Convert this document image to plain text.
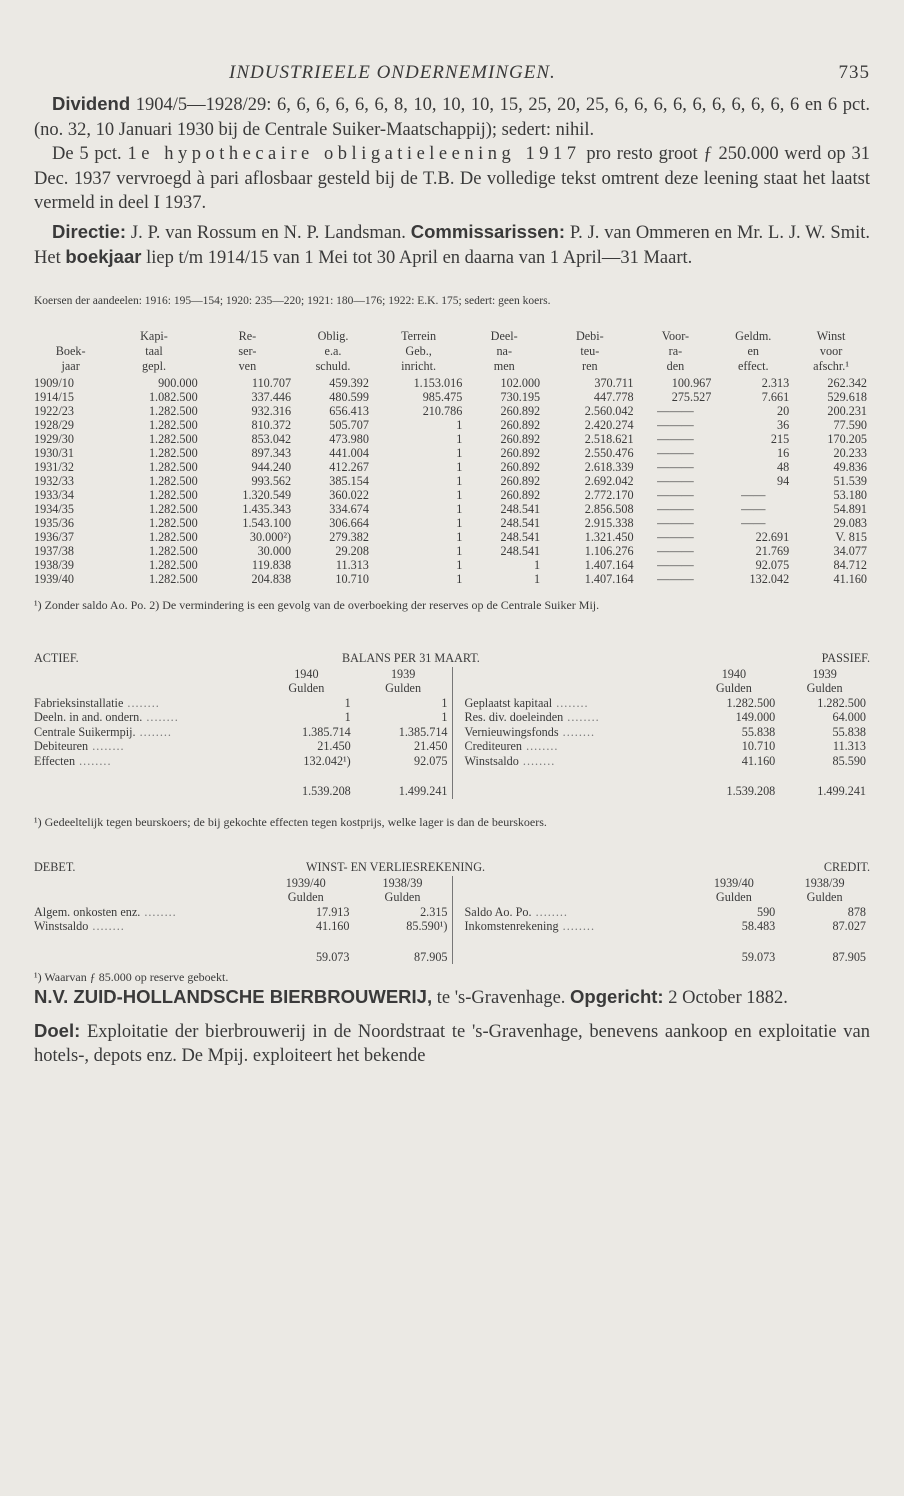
INDUSTRIEELE ONDERNEMINGEN.	735

Dividend 1904/5—1928/29: 6, 6, 6, 6, 6, 6, 8, 10, 10, 10, 15, 25, 20, 25, 6, 6, 6, 6, 6, 6, 6, 6, 6, 6 en 6 pct. (no. 32, 10 Januari 1930 bij de Centrale Suiker-Maatschappij); sedert: nihil.

De 5 pct. 1e hypothecaire obligatieleening 1917 pro resto groot ƒ 250.000 werd op 31 Dec. 1937 vervroegd à pari aflosbaar gesteld bij de T.B. De volledige tekst omtrent deze leening staat het laatst vermeld in deel I 1937.

Directie: J. P. van Rossum en N. P. Landsman. Commissarissen: P. J. van Ommeren en Mr. L. J. W. Smit. Het boekjaar liep t/m 1914/15 van 1 Mei tot 30 April en daarna van 1 April—31 Maart.

Koersen der aandeelen: 1916: 195—154; 1920: 235—220; 1921: 180—176; 1922: E.K. 175; sedert: geen koers.
	Kapi-	Re-	Oblig.	Terrein	Deel-	Debi-	Voor-	Geldm.	Winst
Boek-	taal	ser-	e.a.	Geb.,	na-	teu-	ra-	en	voor
jaar	gepl.	ven	schuld.	inricht.	men	ren	den	effect.	afschr.¹
1909/10	900.000	110.707	459.392	1.153.016	102.000	370.711	100.967	2.313	262.342
1914/15	1.082.500	337.446	480.599	985.475	730.195	447.778	275.527	7.661	529.618
1922/23	1.282.500	932.316	656.413	210.786	260.892	2.560.042	———	20	200.231
1928/29	1.282.500	810.372	505.707	1	260.892	2.420.274	———	36	77.590
1929/30	1.282.500	853.042	473.980	1	260.892	2.518.621	———	215	170.205
1930/31	1.282.500	897.343	441.004	1	260.892	2.550.476	———	16	20.233
1931/32	1.282.500	944.240	412.267	1	260.892	2.618.339	———	48	49.836
1932/33	1.282.500	993.562	385.154	1	260.892	2.692.042	———	94	51.539
1933/34	1.282.500	1.320.549	360.022	1	260.892	2.772.170	———	——	53.180
1934/35	1.282.500	1.435.343	334.674	1	248.541	2.856.508	———	——	54.891
1935/36	1.282.500	1.543.100	306.664	1	248.541	2.915.338	———	——	29.083
1936/37	1.282.500	30.000²)	279.382	1	248.541	1.321.450	———	22.691	V. 815
1937/38	1.282.500	30.000	29.208	1	248.541	1.106.276	———	21.769	34.077
1938/39	1.282.500	119.838	11.313	1	1	1.407.164	———	92.075	84.712
1939/40	1.282.500	204.838	10.710	1	1	1.407.164	———	132.042	41.160
¹) Zonder saldo Ao. Po. 2) De vermindering is een gevolg van de overboeking der reserves op de Centrale Suiker Mij.
ACTIEF.	BALANS PER 31 MAART.	PASSIEF.
	1940	1939
	Gulden	Gulden
Fabrieksinstallatie ........	1	1
Deeln. in and. ondern. ........	1	1
Centrale Suikermpij. ........	1.385.714	1.385.714
Debiteuren ........	21.450	21.450
Effecten ........	132.042¹)	92.075
	1.539.208	1.499.241
	1940	1939
	Gulden	Gulden
Geplaatst kapitaal ........	1.282.500	1.282.500
Res. div. doeleinden ........	149.000	64.000
Vernieuwingsfonds ........	55.838	55.838
Crediteuren ........	10.710	11.313
Winstsaldo ........	41.160	85.590
	1.539.208	1.499.241
¹) Gedeeltelijk tegen beurskoers; de bij gekochte effecten tegen kostprijs, welke lager is dan de beurskoers.
DEBET.	WINST- EN VERLIESREKENING.	CREDIT.
	1939/40	1938/39
	Gulden	Gulden
Algem. onkosten enz. ........	17.913	2.315
Winstsaldo ........	41.160	85.590¹)
	59.073	87.905
	1939/40	1938/39
	Gulden	Gulden
Saldo Ao. Po. ........	590	878
Inkomstenrekening ........	58.483	87.027
	59.073	87.905
¹) Waarvan ƒ 85.000 op reserve geboekt.

N.V. ZUID-HOLLANDSCHE BIERBROUWERIJ, te 's-Gravenhage. Opgericht: 2 October 1882.

Doel: Exploitatie der bierbrouwerij in de Noordstraat te 's-Gravenhage, benevens aankoop en exploitatie van hotels-, depots enz. De Mpij. exploiteert het bekende
